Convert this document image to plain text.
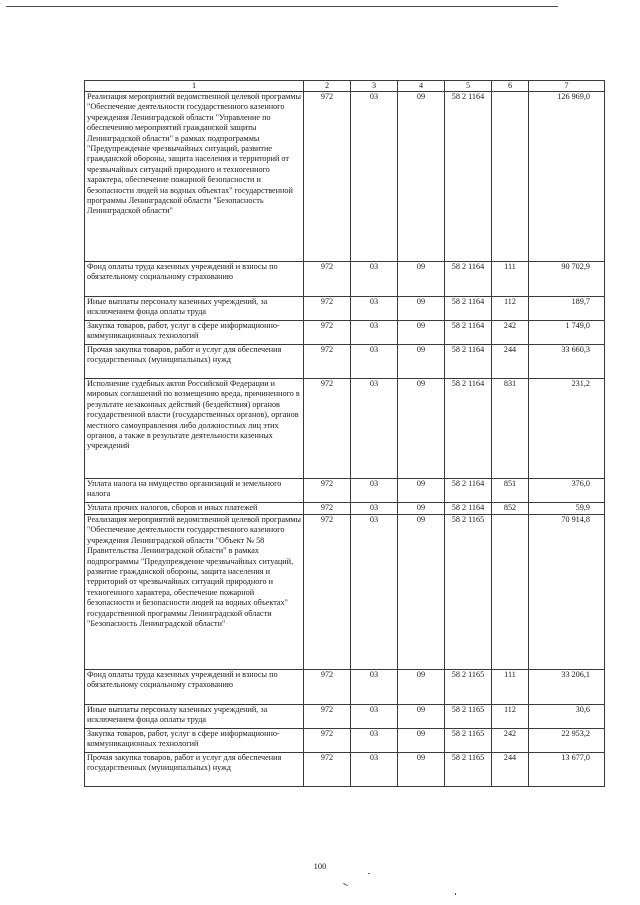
1	2	3	4	5	6	7
Реализация мероприятий ведомственной целевой программы "Обеспечение деятельности государственного казенного учреждения Ленинградской области "Управление по обеспечению мероприятий гражданской защиты Ленинградской области" в рамках подпрограммы "Предупреждение чрезвычайных ситуаций, развитие гражданской обороны, защита населения и территорий от чрезвычайных ситуаций природного и техногенного характера, обеспечение пожарной безопасности и безопасности людей на водных объектах" государственной программы Ленинградской области "Безопасность Ленинградской области"	972	03	09	58 2 1164		126 969,0
Фонд оплаты труда казенных учреждений и взносы по обязательному социальному страхованию	972	03	09	58 2 1164	111	90 702,9
Иные выплаты персоналу казенных учреждений, за исключением фонда оплаты труда	972	03	09	58 2 1164	112	189,7
Закупка товаров, работ, услуг в сфере информационно-коммуникационных технологий	972	03	09	58 2 1164	242	1 749,0
Прочая закупка товаров, работ и услуг для обеспечения государственных (муниципальных) нужд	972	03	09	58 2 1164	244	33 660,3
Исполнение судебных актов Российской Федерации и мировых соглашений по возмещению вреда, причиненного в результате незаконных действий (бездействия) органов государственной власти (государственных органов), органов местного самоуправления либо должностных лиц этих органов, а также в результате деятельности казенных учреждений	972	03	09	58 2 1164	831	231,2
Уплата налога на имущество организаций и земельного налога	972	03	09	58 2 1164	851	376,0
Уплата прочих налогов, сборов и иных платежей	972	03	09	58 2 1164	852	59,9
Реализация мероприятий ведомственной целевой программы "Обеспечение деятельности государственного казенного учреждения Ленинградской области "Объект № 58 Правительства Ленинградской области" в рамках подпрограммы "Предупреждение чрезвычайных ситуаций, развитие гражданской обороны, защита населения и территорий от чрезвычайных ситуаций природного и техногенного характера, обеспечение пожарной безопасности и безопасности людей на водных объектах" государственной программы Ленинградской области "Безопасность Ленинградской области"	972	03	09	58 2 1165		70 914,8
Фонд оплаты труда казенных учреждений и взносы по обязательному социальному страхованию	972	03	09	58 2 1165	111	33 206,1
Иные выплаты персоналу казенных учреждений, за исключением фонда оплаты труда	972	03	09	58 2 1165	112	30,6
Закупка товаров, работ, услуг в сфере информационно-коммуникационных технологий	972	03	09	58 2 1165	242	22 953,2
Прочая закупка товаров, работ и услуг для обеспечения государственных (муниципальных) нужд	972	03	09	58 2 1165	244	13 677,0
100
